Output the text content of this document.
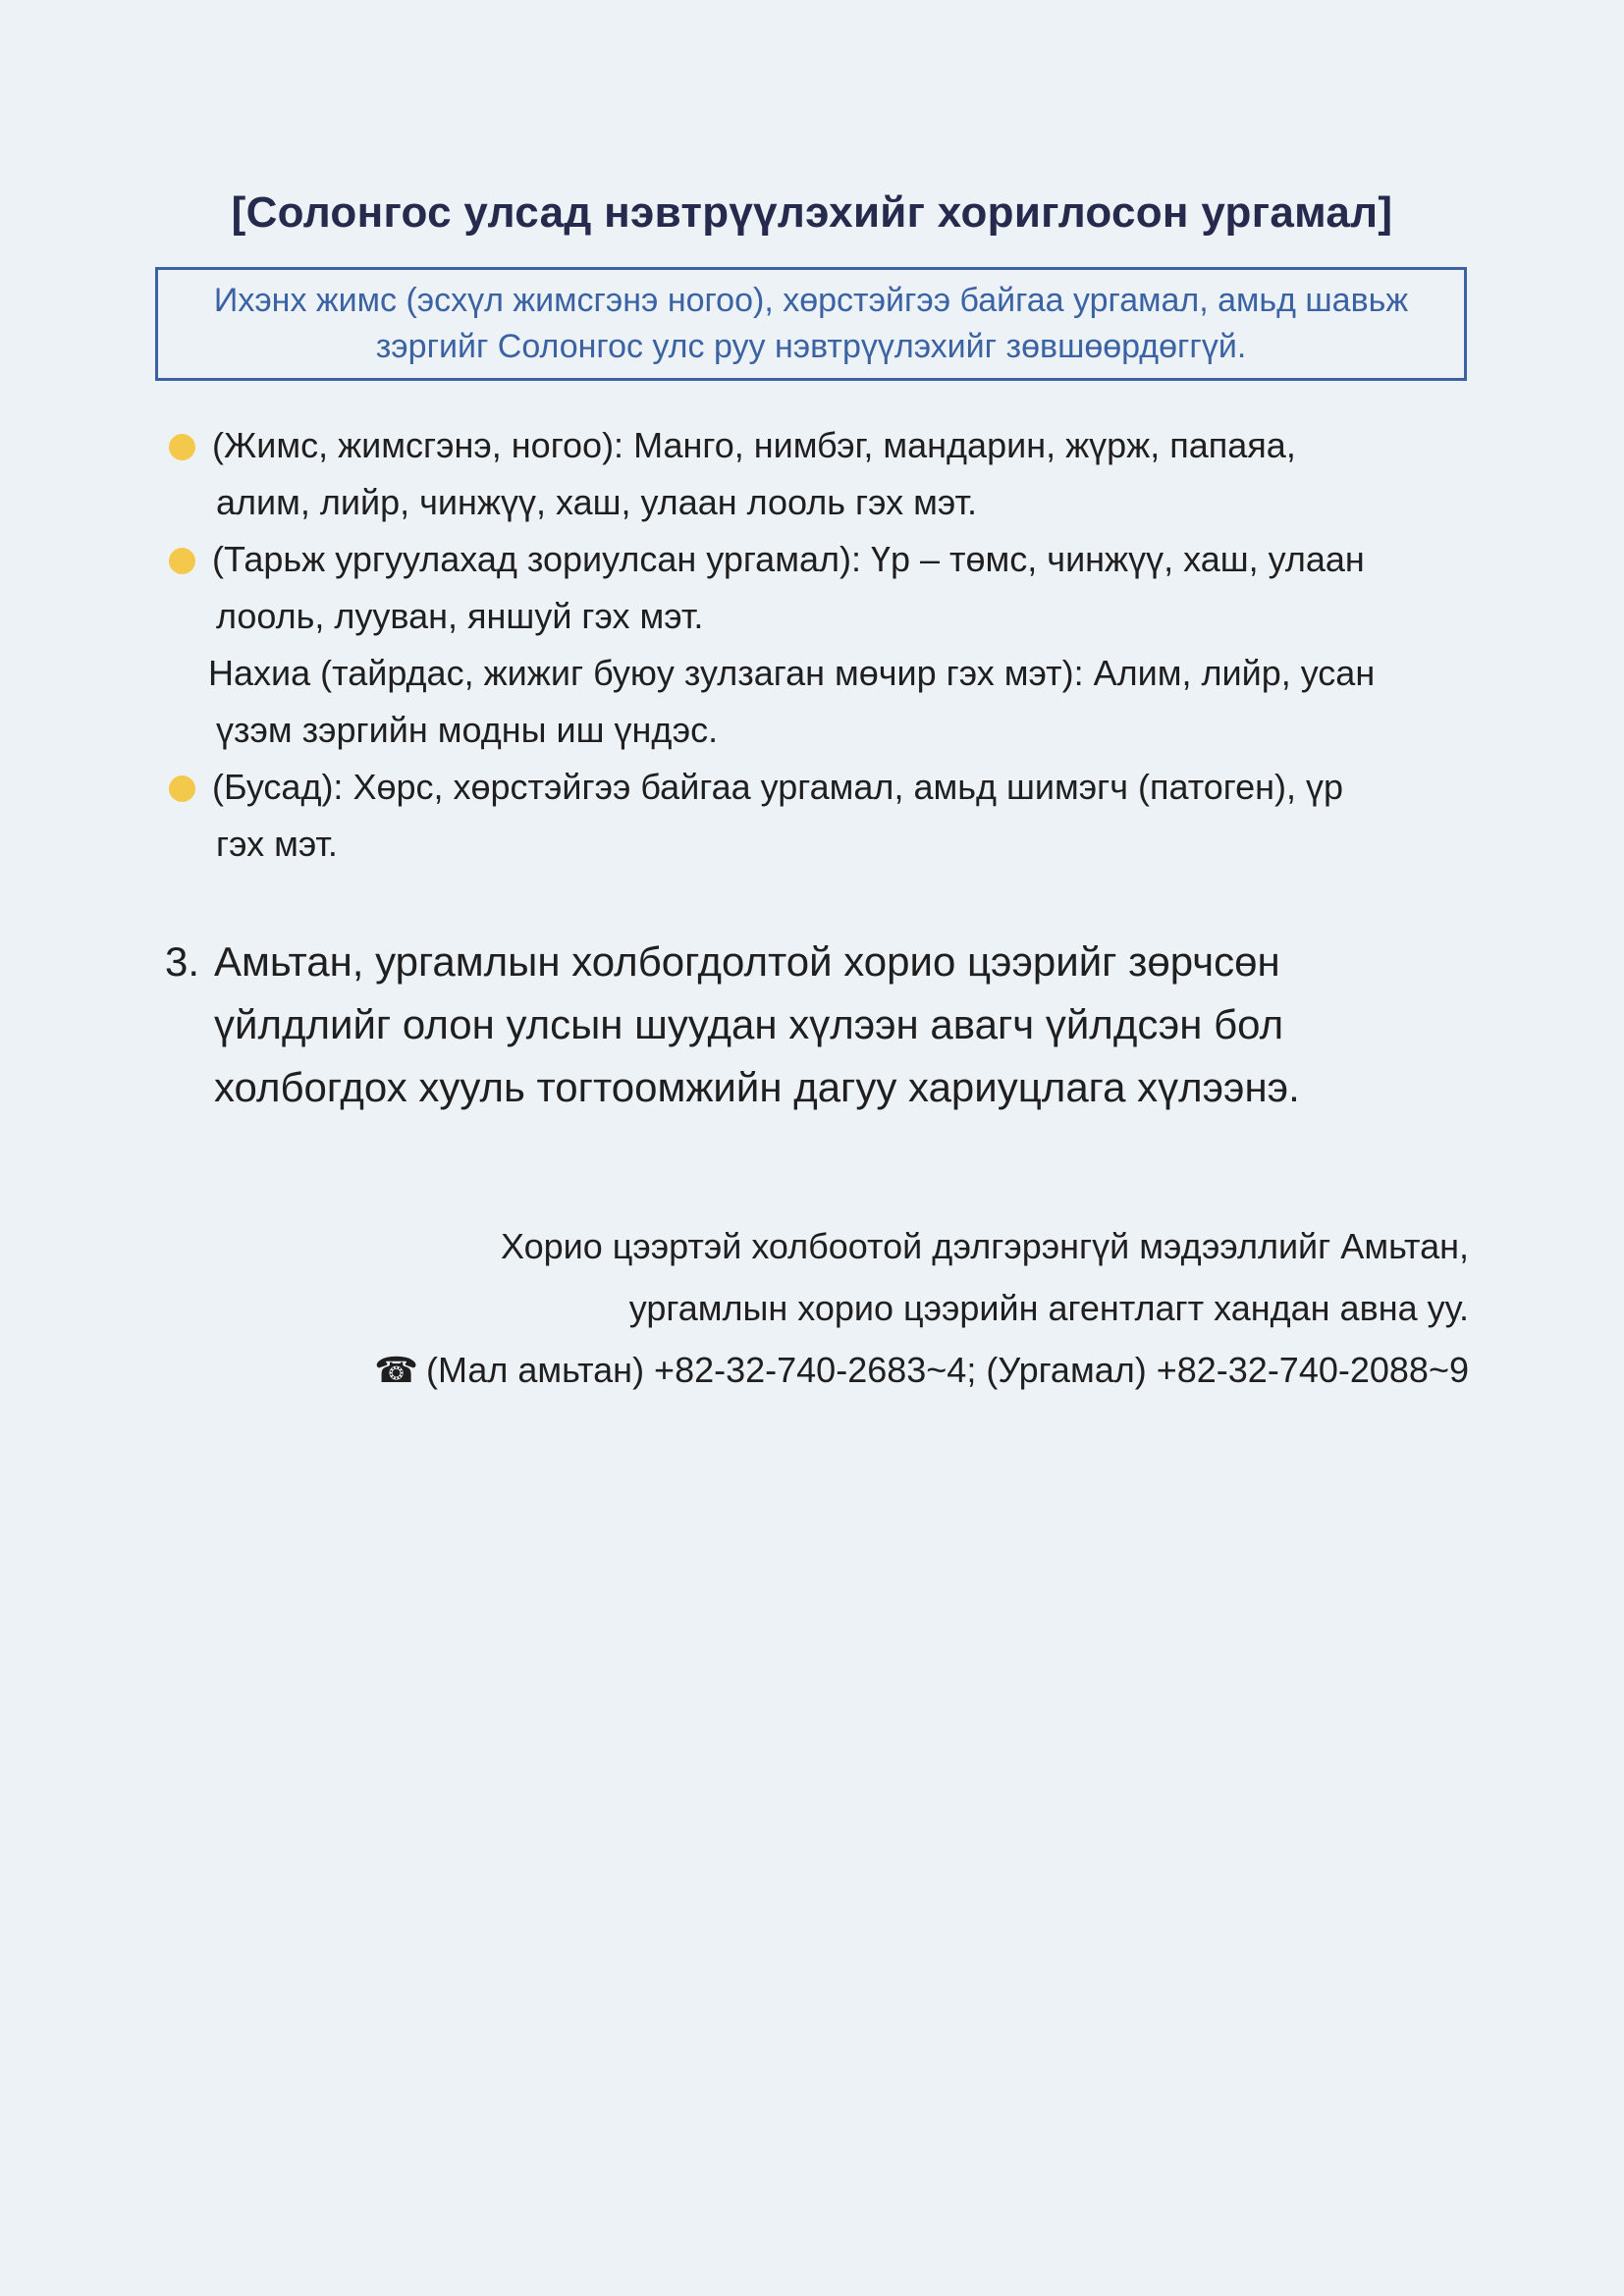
[Солонгос улсад нэвтрүүлэхийг хориглосон ургамал]
Ихэнх жимс (эсхүл жимсгэнэ ногоо), хөрстэйгээ байгаа ургамал, амьд шавьж
зэргийг Солонгос улс руу нэвтрүүлэхийг зөвшөөрдөггүй.
(Жимс, жимсгэнэ, ногоо): Манго, нимбэг, мандарин, жүрж, папаяа,
алим, лийр, чинжүү, хаш, улаан лооль гэх мэт.
(Тарьж ургуулахад зориулсан ургамал): Үр – төмс, чинжүү, хаш, улаан
лооль, лууван, яншуй гэх мэт.
Нахиа (тайрдас, жижиг буюу зулзаган мөчир гэх мэт): Алим, лийр, усан
үзэм зэргийн модны иш үндэс.
(Бусад): Хөрс, хөрстэйгээ байгаа ургамал, амьд шимэгч (патоген), үр
гэх мэт.
3. Амьтан, ургамлын холбогдолтой хорио цээрийг зөрчсөн
үйлдлийг олон улсын шуудан хүлээн авагч үйлдсэн бол
холбогдох хууль тогтоомжийн дагуу хариуцлага хүлээнэ.
Хорио цээртэй холбоотой дэлгэрэнгүй мэдээллийг Амьтан,
ургамлын хорио цээрийн агентлагт хандан авна уу.
☎ (Мал амьтан) +82-32-740-2683~4; (Ургамал) +82-32-740-2088~9
